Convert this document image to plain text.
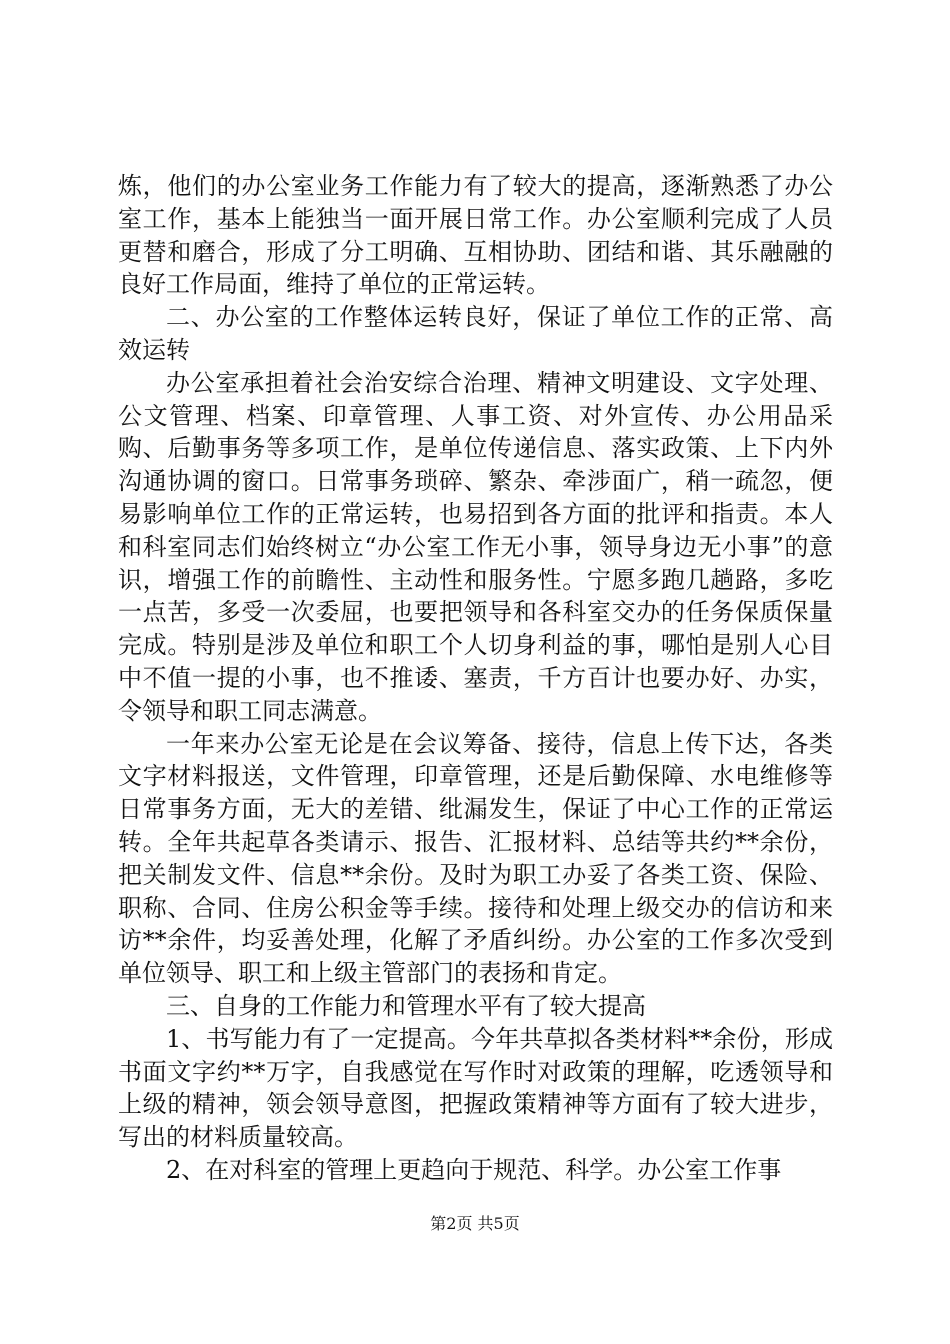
炼，他们的办公室业务工作能力有了较大的提高，逐渐熟悉了办公室工作，基本上能独当一面开展日常工作。办公室顺利完成了人员更替和磨合，形成了分工明确、互相协助、团结和谐、其乐融融的良好工作局面，维持了单位的正常运转。

二、办公室的工作整体运转良好，保证了单位工作的正常、高效运转

办公室承担着社会治安综合治理、精神文明建设、文字处理、公文管理、档案、印章管理、人事工资、对外宣传、办公用品采购、后勤事务等多项工作，是单位传递信息、落实政策、上下内外沟通协调的窗口。日常事务琐碎、繁杂、牵涉面广，稍一疏忽，便易影响单位工作的正常运转，也易招到各方面的批评和指责。本人和科室同志们始终树立“办公室工作无小事，领导身边无小事”的意识，增强工作的前瞻性、主动性和服务性。宁愿多跑几趟路，多吃一点苦，多受一次委屈，也要把领导和各科室交办的任务保质保量完成。特别是涉及单位和职工个人切身利益的事，哪怕是别人心目中不值一提的小事，也不推诿、塞责，千方百计也要办好、办实，令领导和职工同志满意。

一年来办公室无论是在会议筹备、接待，信息上传下达，各类文字材料报送，文件管理，印章管理，还是后勤保障、水电维修等日常事务方面，无大的差错、纰漏发生，保证了中心工作的正常运转。全年共起草各类请示、报告、汇报材料、总结等共约**余份，把关制发文件、信息**余份。及时为职工办妥了各类工资、保险、职称、合同、住房公积金等手续。接待和处理上级交办的信访和来访**余件，均妥善处理，化解了矛盾纠纷。办公室的工作多次受到单位领导、职工和上级主管部门的表扬和肯定。

三、自身的工作能力和管理水平有了较大提高

1、书写能力有了一定提高。今年共草拟各类材料**余份，形成书面文字约**万字，自我感觉在写作时对政策的理解，吃透领导和上级的精神，领会领导意图，把握政策精神等方面有了较大进步，写出的材料质量较高。

2、在对科室的管理上更趋向于规范、科学。办公室工作事

第2页 共5页
